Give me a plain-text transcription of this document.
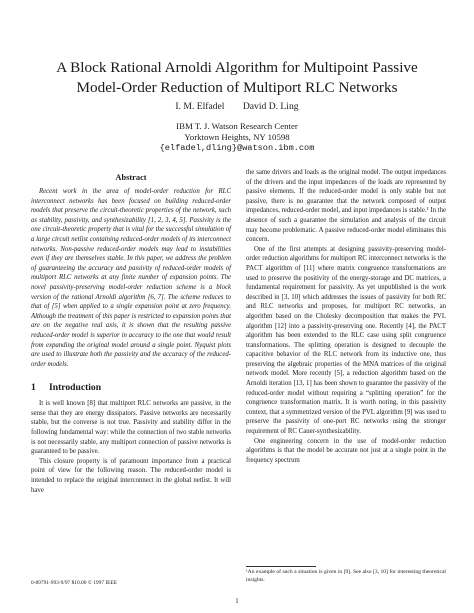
A Block Rational Arnoldi Algorithm for Multipoint Passive
Model-Order Reduction of Multiport RLC Networks
I. M. Elfadel David D. Ling
IBM T. J. Watson Research Center
Yorktown Heights, NY 10598
{elfadel,dling}@watson.ibm.com
Abstract

Recent work in the area of model-order reduction for RLC interconnect networks has been focused on building reduced-order models that preserve the circuit-theoretic properties of the network, such as stability, passivity, and synthesizability [1, 2, 3, 4, 5]. Passivity is the one circuit-theoretic property that is vital for the successful simulation of a large circuit netlist containing reduced-order models of its interconnect networks. Non-passive reduced-order models may lead to instabilities even if they are themselves stable. In this paper, we address the problem of guaranteeing the accuracy and passivity of reduced-order models of multiport RLC networks at any finite number of expansion points. The novel passivity-preserving model-order reduction scheme is a block version of the rational Arnoldi algorithm [6, 7]. The scheme reduces to that of [5] when applied to a single expansion point at zero frequency. Although the treatment of this paper is restricted to expansion points that are on the negative real axis, it is shown that the resulting passive reduced-order model is superior in accuracy to the one that would result from expanding the original model around a single point. Nyquist plots are used to illustrate both the passivity and the accuracy of the reduced-order models.

1 Introduction

It is well known [8] that multiport RLC networks are passive, in the sense that they are energy dissipators. Passive networks are necessarily stable, but the converse is not true. Passivity and stability differ in the following fundamental way: while the connection of two stable networks is not necessarily stable, any multiport connection of passive networks is guaranteed to be passive.

This closure property is of paramount importance from a practical point of view for the following reason. The reduced-order model is intended to replace the original interconnect in the global netlist. It will have

the same drivers and loads as the original model. The output impedances of the drivers and the input impedances of the loads are represented by passive elements. If the reduced-order model is only stable but not passive, there is no guarantee that the network composed of output impedances, reduced-order model, and input impedances is stable.¹ In the absence of such a guarantee the simulation and analysis of the circuit may become problematic. A passive reduced-order model eliminates this concern.

One of the first attempts at designing passivity-preserving model-order reduction algorithms for multiport RC interconnect networks is the PACT algorithm of [11] where matrix congruence transformations are used to preserve the positivity of the energy-storage and DC matrices, a fundamental requirement for passivity. As yet unpublished is the work described in [3, 10] which addresses the issues of passivity for both RC and RLC networks and proposes, for multiport RC networks, an algorithm based on the Cholesky decomposition that makes the PVL algorithm [12] into a passivity-preserving one. Recently [4], the PACT algorithm has been extended to the RLC case using split congruence transformations. The splitting operation is designed to decouple the capacitive behavior of the RLC network from its inductive one, thus preserving the algebraic properties of the MNA matrices of the original network model. More recently [5], a reduction algorithm based on the Arnoldi iteration [13, 1] has been shown to guarantee the passivity of the reduced-order model without requiring a “splitting operation” for the congruence transformation matrix. It is worth noting, in this passivity context, that a symmetrized version of the PVL algorithm [9] was used to preserve the passivity of one-port RC networks using the stronger requirement of RC Cauer-synthesizability.

One engineering concern in the use of model-order reduction algorithms is that the model be accurate not just at a single point in the frequency spectrum

¹An example of such a situation is given in [9]. See also [3, 10] for interesting theoretical insights.
0-89791-993-9/97 $10.00 © 1997 IEEE
1
